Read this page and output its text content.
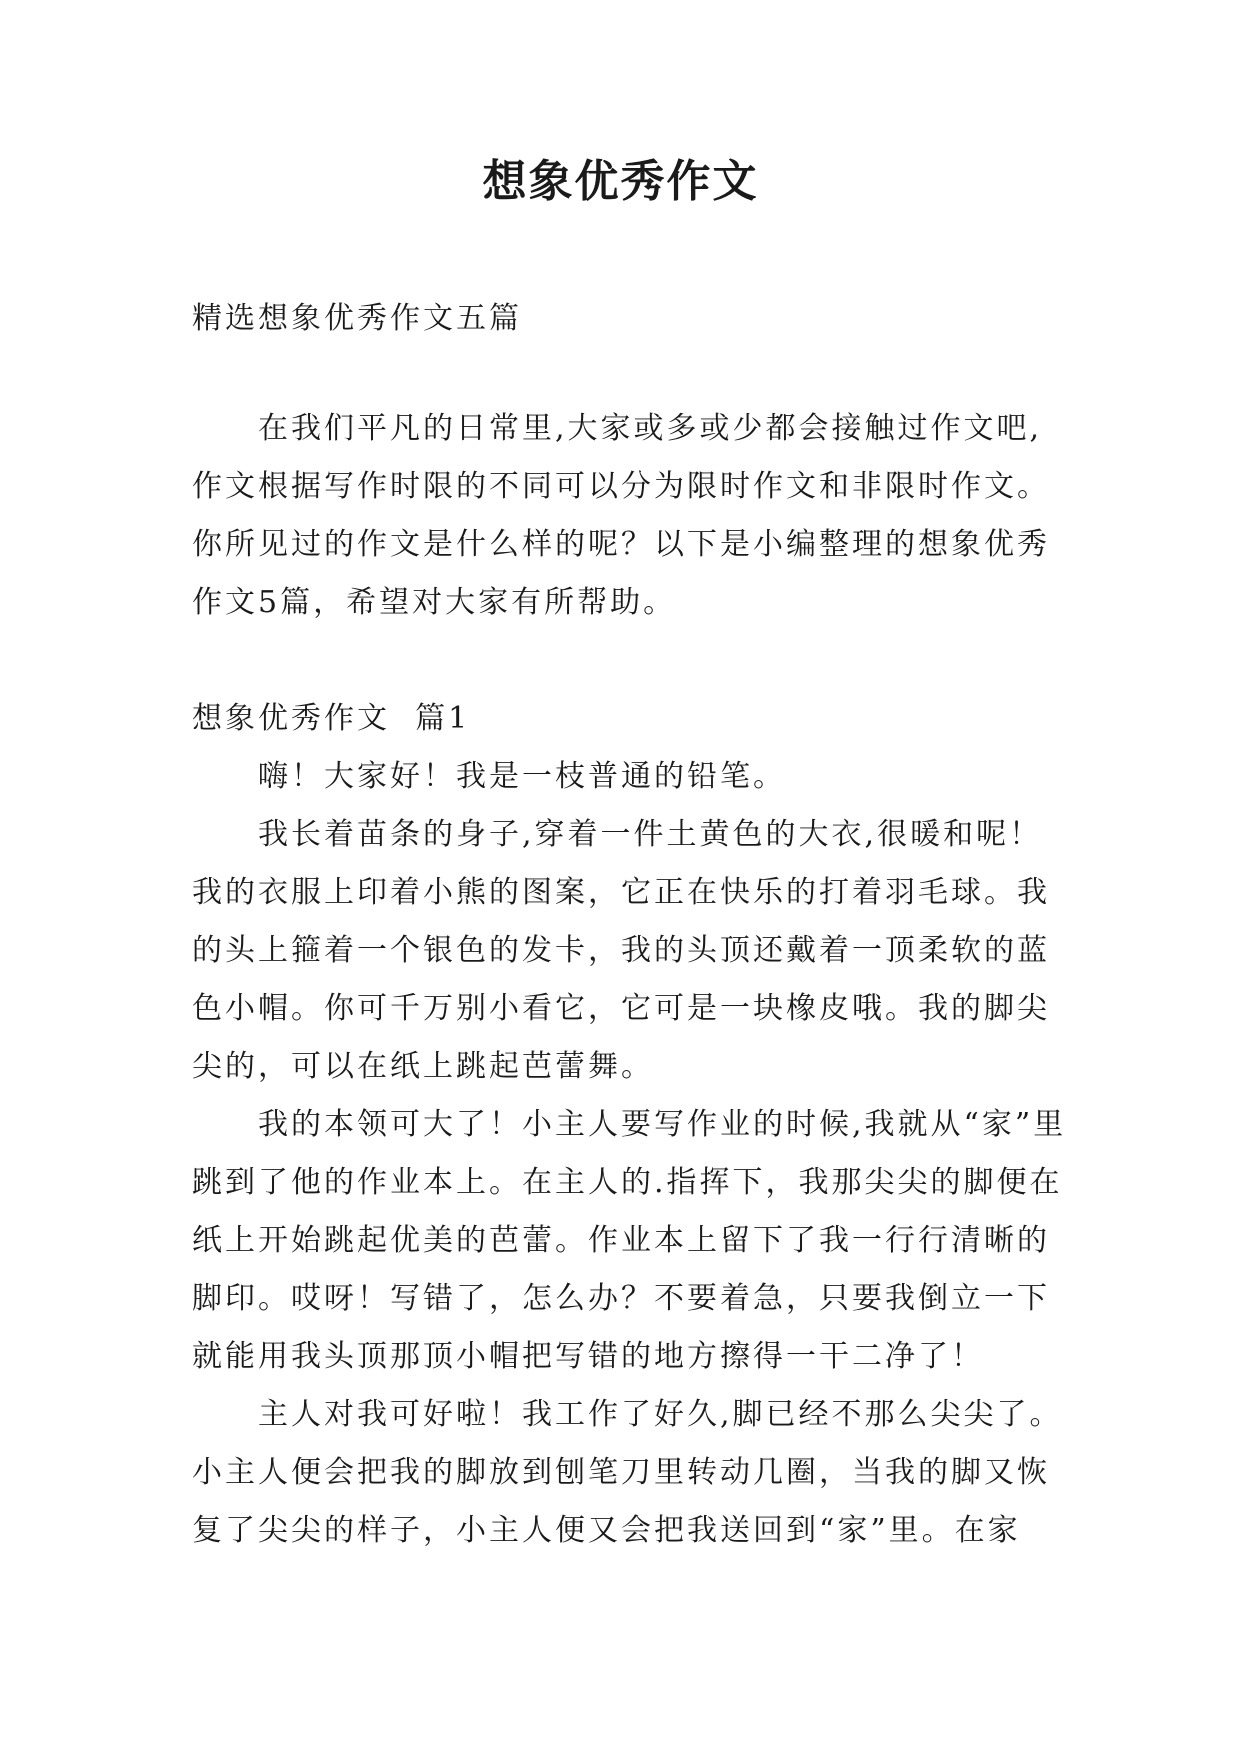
想象优秀作文

精选想象优秀作文五篇

在我们平凡的日常里,大家或多或少都会接触过作文吧,作文根据写作时限的不同可以分为限时作文和非限时作文。你所见过的作文是什么样的呢？以下是小编整理的想象优秀作文5篇，希望对大家有所帮助。

想象优秀作文  篇1

嗨！大家好！我是一枝普通的铅笔。

我长着苗条的身子,穿着一件土黄色的大衣,很暖和呢！我的衣服上印着小熊的图案，它正在快乐的打着羽毛球。我的头上箍着一个银色的发卡，我的头顶还戴着一顶柔软的蓝色小帽。你可千万别小看它，它可是一块橡皮哦。我的脚尖尖的，可以在纸上跳起芭蕾舞。

我的本领可大了！小主人要写作业的时候,我就从“家”里跳到了他的作业本上。在主人的.指挥下，我那尖尖的脚便在纸上开始跳起优美的芭蕾。作业本上留下了我一行行清晰的脚印。哎呀！写错了，怎么办？不要着急，只要我倒立一下就能用我头顶那顶小帽把写错的地方擦得一干二净了！

主人对我可好啦！我工作了好久,脚已经不那么尖尖了。小主人便会把我的脚放到刨笔刀里转动几圈，当我的脚又恢复了尖尖的样子，小主人便又会把我送回到“家”里。在家
